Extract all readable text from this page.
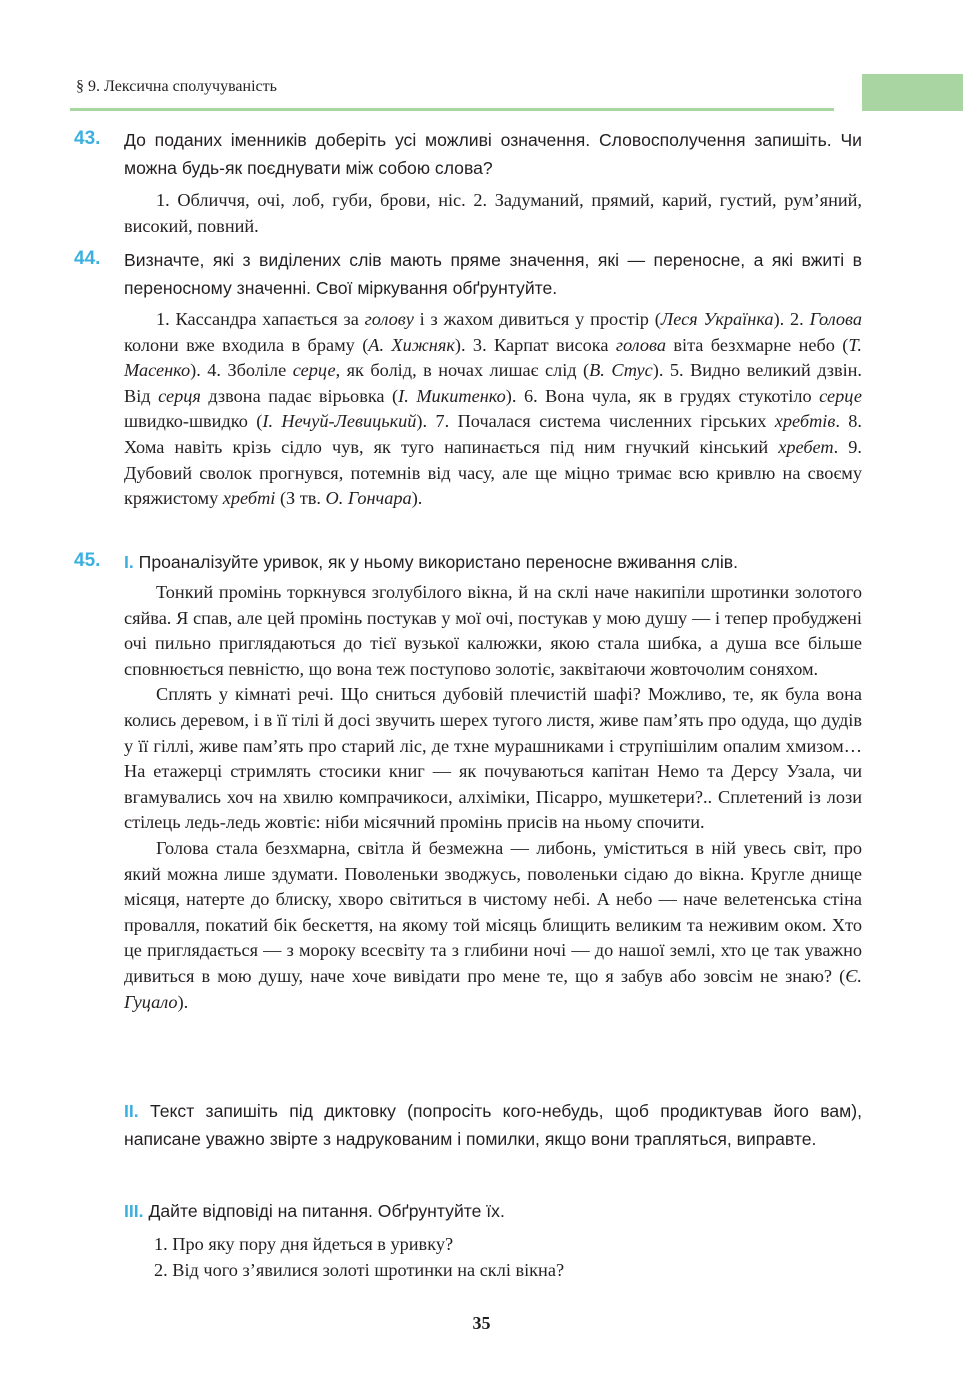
§ 9. Лексична сполучуваність
43. До поданих іменників доберіть усі можливі означення. Словосполучення запишіть. Чи можна будь-як поєднувати між собою слова?

1. Обличчя, очі, лоб, губи, брови, ніс. 2. Задуманий, прямий, карий, густий, рум’яний, високий, повний.

44. Визначте, які з виділених слів мають пряме значення, які — переносне, а які вжиті в переносному значенні. Свої міркування обґрунтуйте.

1. Кассандра хапається за голову і з жахом дивиться у простір (Леся Українка). 2. Голова колони вже входила в браму (А. Хижняк). 3. Карпат висока голова віта безхмарне небо (Т. Масенко). 4. Зболіле серце, як болід, в ночах лишає слід (В. Стус). 5. Видно великий дзвін. Від серця дзвона падає вірьовка (І. Микитенко). 6. Вона чула, як в грудях стукотіло серце швидко-швидко (І. Нечуй-Левицький). 7. Почалася система численних гірських хребтів. 8. Хома навіть крізь сідло чув, як туго напинається під ним гнучкий кінський хребет. 9. Дубовий сволок прогнувся, потемнів від часу, але ще міцно тримає всю кривлю на своєму кряжистому хребті (З тв. О. Гончара).

45. І. Проаналізуйте уривок, як у ньому використано переносне вживання слів.

Тонкий промінь торкнувся зголубілого вікна, й на склі наче накипіли шротинки золотого сяйва. Я спав, але цей промінь постукав у мої очі, постукав у мою душу — і тепер пробуджені очі пильно приглядаються до тієї вузької калюжки, якою стала шибка, а душа все більше сповнюється певністю, що вона теж поступово золотіє, заквітаючи жовточолим соняхом.

Сплять у кімнаті речі. Що сниться дубовій плечистій шафі? Можливо, те, як була вона колись деревом, і в її тілі й досі звучить шерех тугого листя, живе пам’ять про одуда, що дудів у її гіллі, живе пам’ять про старий ліс, де тхне мурашниками і струпішілим опалим хмизом… На етажерці стримлять стосики книг — як почуваються капітан Немо та Дерсу Узала, чи вгамувались хоч на хвилю компрачикоси, алхіміки, Пісарро, мушкетери?.. Сплетений із лози стілець ледь-ледь жовтіє: ніби місячний промінь присів на ньому спочити.

Голова стала безхмарна, світла й безмежна — либонь, уміститься в ній увесь світ, про який можна лише здумати. Поволеньки зводжусь, поволеньки сідаю до вікна. Кругле днище місяця, натерте до блиску, хворо світиться в чистому небі. А небо — наче велетенська стіна провалля, покатий бік бескеття, на якому той місяць блищить великим та неживим оком. Хто це приглядається — з мороку всесвіту та з глибини ночі — до нашої землі, хто це так уважно дивиться в мою душу, наче хоче вивідати про мене те, що я забув або зовсім не знаю? (Є. Гуцало).

ІІ. Текст запишіть під диктовку (попросіть кого-небудь, щоб продиктував його вам), написане уважно звірте з надрукованим і помилки, якщо вони трапляться, виправте.
ІІІ. Дайте відповіді на питання. Обґрунтуйте їх.
1. Про яку пору дня йдеться в уривку?
2. Від чого з’явилися золоті шротинки на склі вікна?
35
